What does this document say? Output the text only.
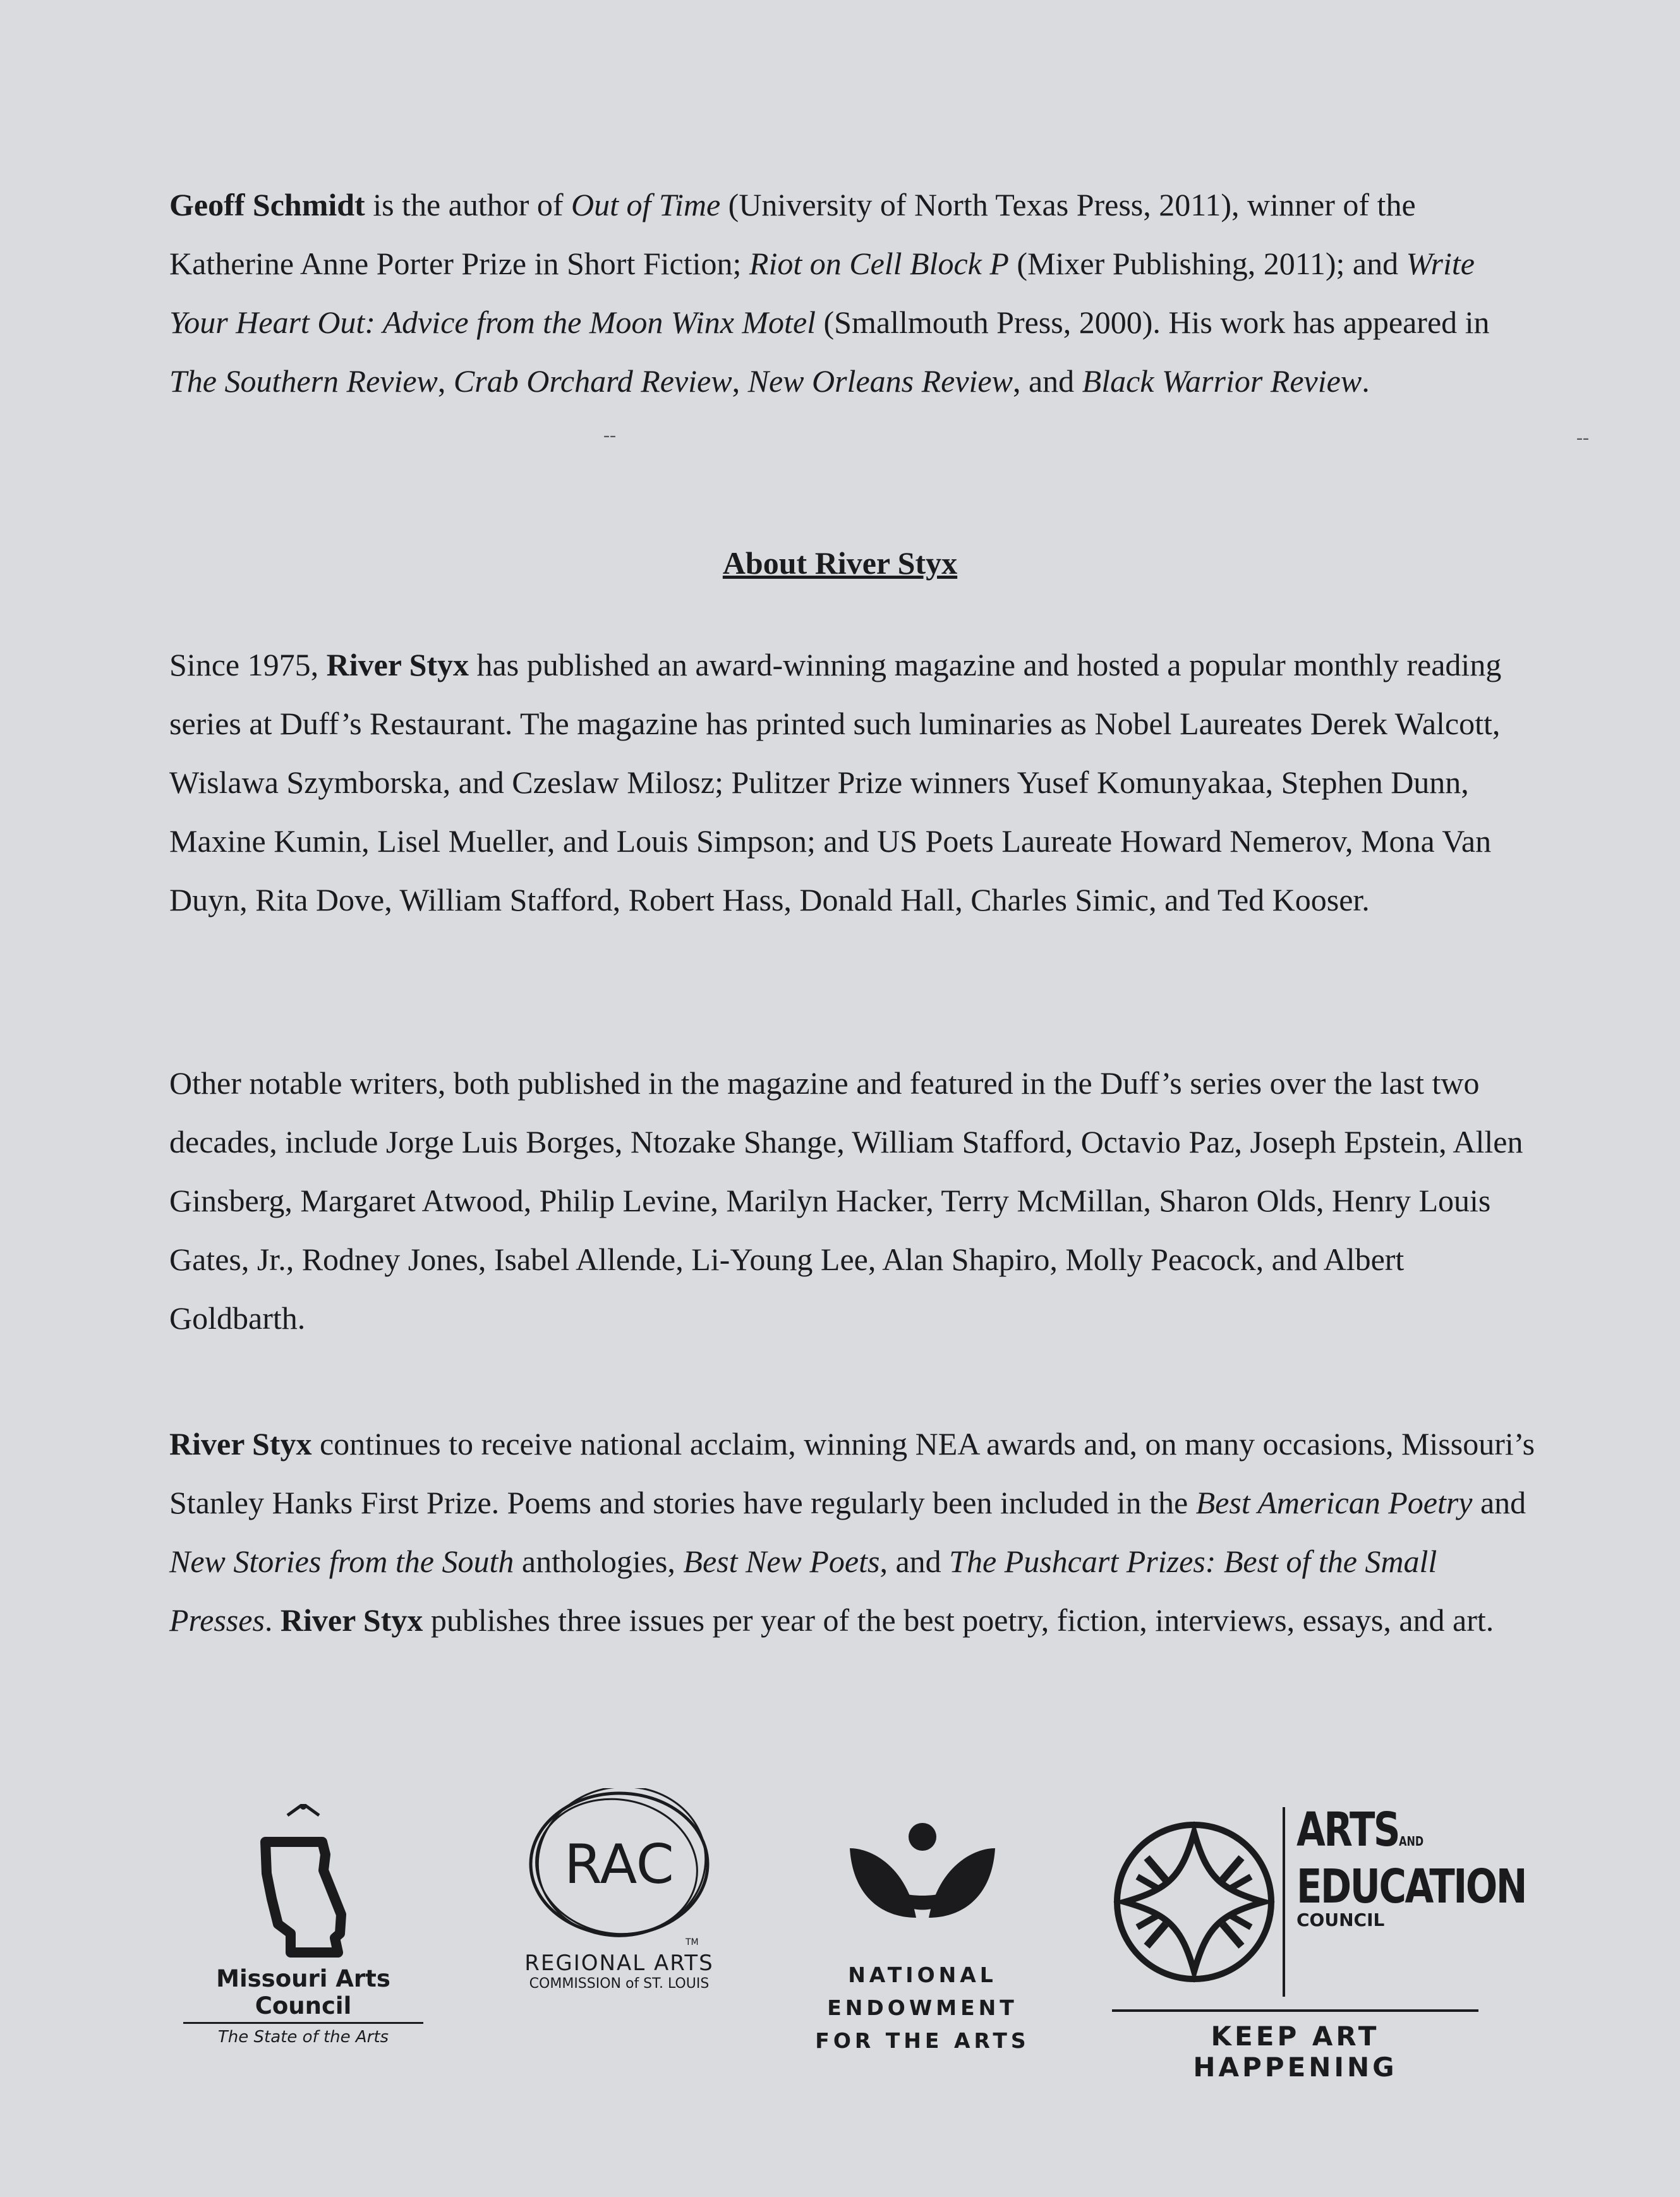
Geoff Schmidt is the author of Out of Time (University of North Texas Press, 2011), winner of the Katherine Anne Porter Prize in Short Fiction; Riot on Cell Block P (Mixer Publishing, 2011); and Write Your Heart Out: Advice from the Moon Winx Motel (Smallmouth Press, 2000). His work has appeared in The Southern Review, Crab Orchard Review, New Orleans Review, and Black Warrior Review.

--	--
About River Styx

Since 1975, River Styx has published an award-winning magazine and hosted a popular monthly reading series at Duff’s Restaurant. The magazine has printed such luminaries as Nobel Laureates Derek Walcott, Wislawa Szymborska, and Czeslaw Milosz; Pulitzer Prize winners Yusef Komunyakaa, Stephen Dunn, Maxine Kumin, Lisel Mueller, and Louis Simpson; and US Poets Laureate Howard Nemerov, Mona Van Duyn, Rita Dove, William Stafford, Robert Hass, Donald Hall, Charles Simic, and Ted Kooser.

Other notable writers, both published in the magazine and featured in the Duff’s series over the last two decades, include Jorge Luis Borges, Ntozake Shange, William Stafford, Octavio Paz, Joseph Epstein, Allen Ginsberg, Margaret Atwood, Philip Levine, Marilyn Hacker, Terry McMillan, Sharon Olds, Henry Louis Gates, Jr., Rodney Jones, Isabel Allende, Li-Young Lee, Alan Shapiro, Molly Peacock, and Albert Goldbarth.

River Styx continues to receive national acclaim, winning NEA awards and, on many occasions, Missouri’s Stanley Hanks First Prize. Poems and stories have regularly been included in the Best American Poetry and New Stories from the South anthologies, Best New Poets, and The Pushcart Prizes: Best of the Small Presses. River Styx publishes three issues per year of the best poetry, fiction, interviews, essays, and art.

Missouri Arts Council
The State of the Arts
RAC
TM
REGIONAL ARTS
COMMISSION of ST. LOUIS	NATIONAL
ENDOWMENT
FOR THE ARTS
ARTSAND
EDUCATION
COUNCIL
KEEP ART HAPPENING
